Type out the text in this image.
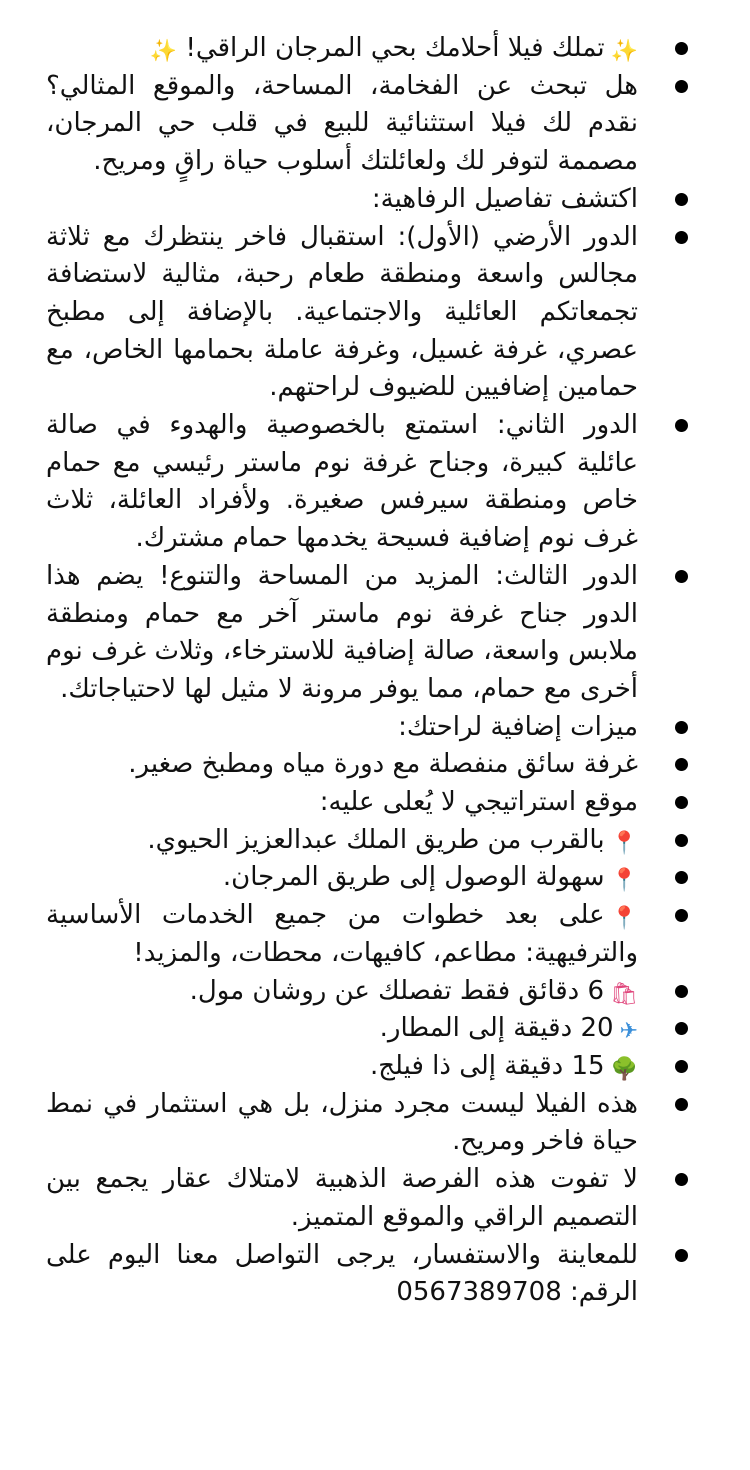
✨تملك فيلا أحلامك بحي المرجان الراقي! ✨
هل تبحث عن الفخامة، المساحة، والموقع المثالي؟ نقدم لك فيلا استثنائية للبيع في قلب حي المرجان، مصممة لتوفر لك ولعائلتك أسلوب حياة راقٍ ومريح.
اكتشف تفاصيل الرفاهية:
الدور الأرضي (الأول): استقبال فاخر ينتظرك مع ثلاثة مجالس واسعة ومنطقة طعام رحبة، مثالية لاستضافة تجمعاتكم العائلية والاجتماعية. بالإضافة إلى مطبخ عصري، غرفة غسيل، وغرفة عاملة بحمامها الخاص، مع حمامين إضافيين للضيوف لراحتهم.
الدور الثاني: استمتع بالخصوصية والهدوء في صالة عائلية كبيرة، وجناح غرفة نوم ماستر رئيسي مع حمام خاص ومنطقة سيرفس صغيرة. ولأفراد العائلة، ثلاث غرف نوم إضافية فسيحة يخدمها حمام مشترك.
الدور الثالث: المزيد من المساحة والتنوع! يضم هذا الدور جناح غرفة نوم ماستر آخر مع حمام ومنطقة ملابس واسعة، صالة إضافية للاسترخاء، وثلاث غرف نوم أخرى مع حمام، مما يوفر مرونة لا مثيل لها لاحتياجاتك.
ميزات إضافية لراحتك:
غرفة سائق منفصلة مع دورة مياه ومطبخ صغير.
موقع استراتيجي لا يُعلى عليه:
📍بالقرب من طريق الملك عبدالعزيز الحيوي.
📍سهولة الوصول إلى طريق المرجان.
📍على بعد خطوات من جميع الخدمات الأساسية والترفيهية: مطاعم، كافيهات، محطات، والمزيد!
🛍6 دقائق فقط تفصلك عن روشان مول.
✈20 دقيقة إلى المطار.
🌳15 دقيقة إلى ذا فيلج.
هذه الفيلا ليست مجرد منزل، بل هي استثمار في نمط حياة فاخر ومريح.
لا تفوت هذه الفرصة الذهبية لامتلاك عقار يجمع بين التصميم الراقي والموقع المتميز.
للمعاينة والاستفسار، يرجى التواصل معنا اليوم على الرقم: 0567389708
